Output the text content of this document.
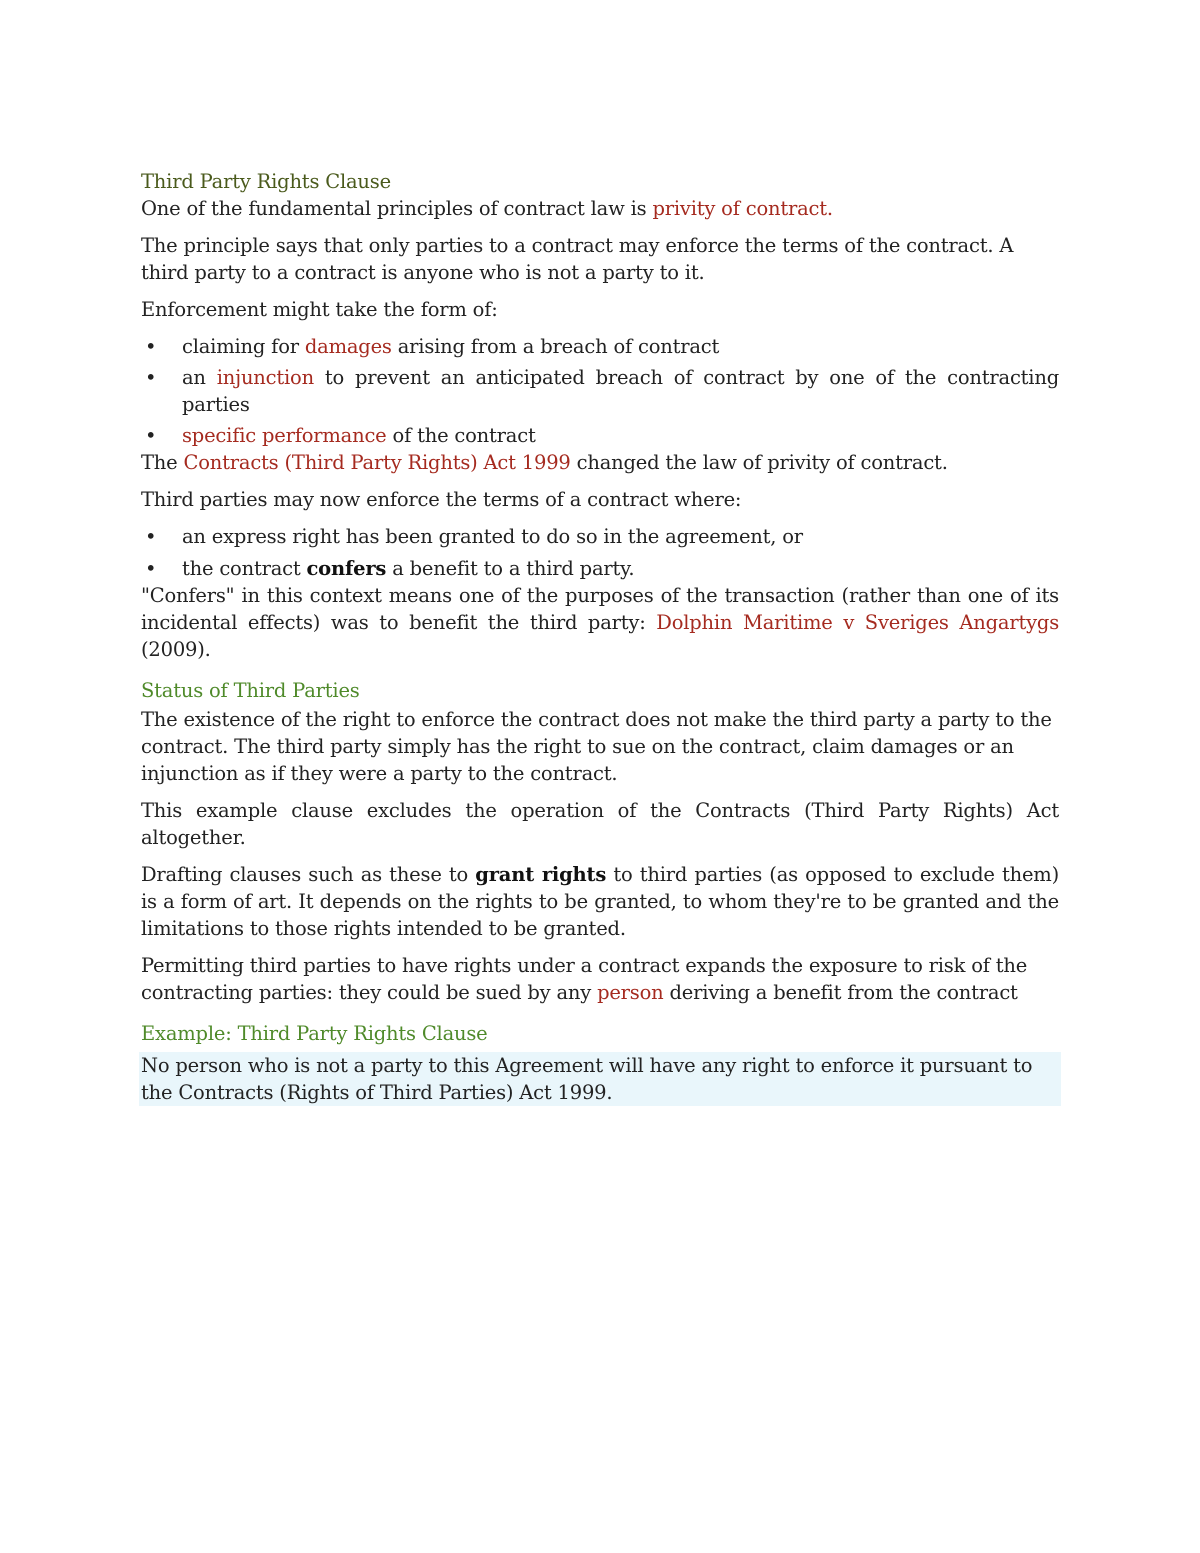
Third Party Rights Clause

One of the fundamental principles of contract law is privity of contract.

The principle says that only parties to a contract may enforce the terms of the contract. A third party to a contract is anyone who is not a party to it.

Enforcement might take the form of:

• claiming for damages arising from a breach of contract
• an injunction to prevent an anticipated breach of contract by one of the contracting parties
• specific performance of the contract

The Contracts (Third Party Rights) Act 1999 changed the law of privity of contract.

Third parties may now enforce the terms of a contract where:

• an express right has been granted to do so in the agreement, or
• the contract confers a benefit to a third party.

"Confers" in this context means one of the purposes of the transaction (rather than one of its incidental effects) was to benefit the third party: Dolphin Maritime v Sveriges Angartygs (2009).

Status of Third Parties

The existence of the right to enforce the contract does not make the third party a party to the contract. The third party simply has the right to sue on the contract, claim damages or an injunction as if they were a party to the contract.

This example clause excludes the operation of the Contracts (Third Party Rights) Act altogether.

Drafting clauses such as these to grant rights to third parties (as opposed to exclude them) is a form of art. It depends on the rights to be granted, to whom they're to be granted and the limitations to those rights intended to be granted.

Permitting third parties to have rights under a contract expands the exposure to risk of the contracting parties: they could be sued by any person deriving a benefit from the contract

Example: Third Party Rights Clause
No person who is not a party to this Agreement will have any right to enforce it pursuant to the Contracts (Rights of Third Parties) Act 1999.
